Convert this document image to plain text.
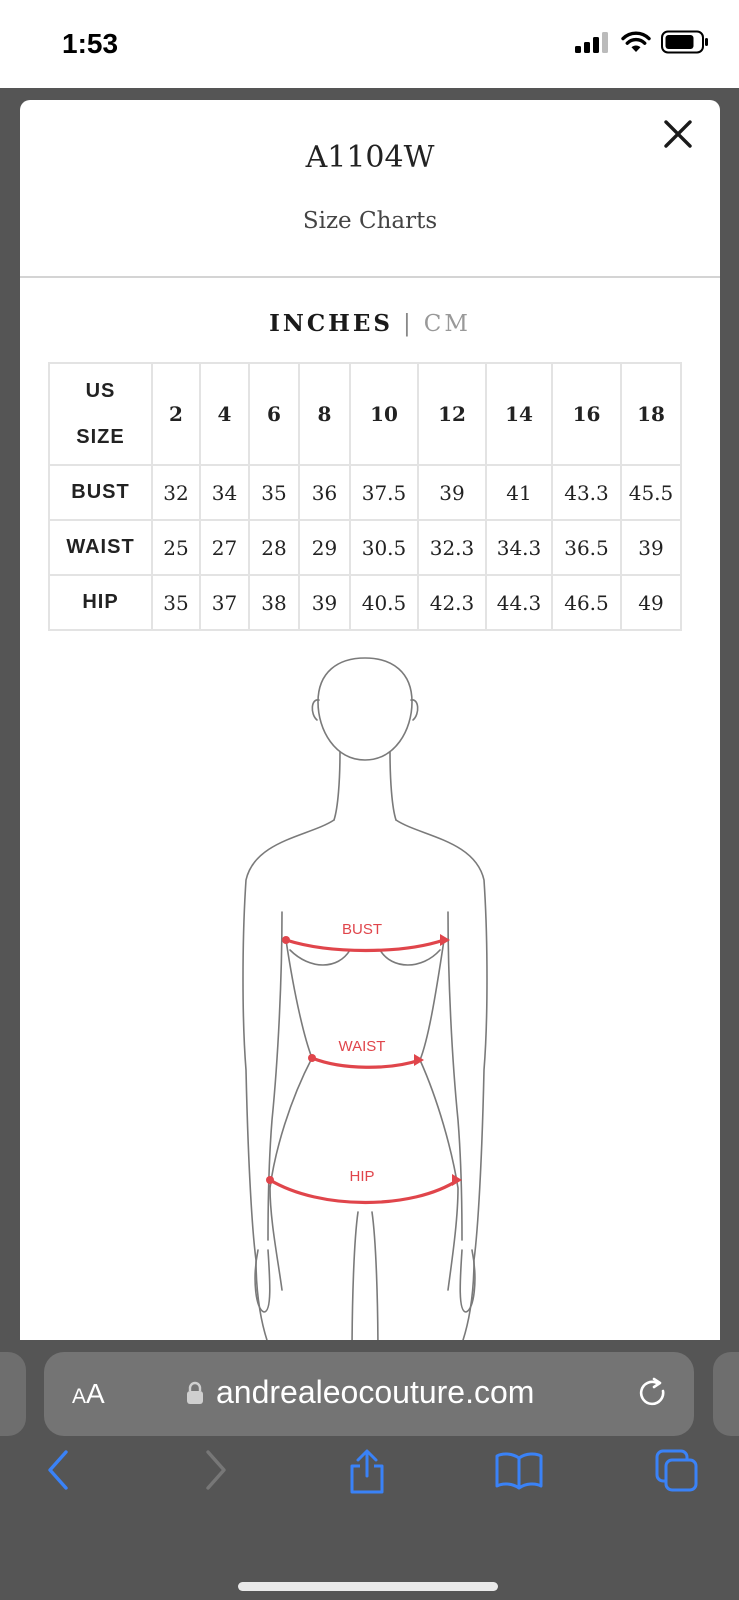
1:53
A1104W
Size Charts
INCHES | CM
US
SIZE	2	4	6	8	10	12	14	16	18
BUST	32	34	35	36	37.5	39	41	43.3	45.5
WAIST	25	27	28	29	30.5	32.3	34.3	36.5	39
HIP	35	37	38	39	40.5	42.3	44.3	46.5	49
BUST
WAIST
HIP
AA	andrealeocouture.com
